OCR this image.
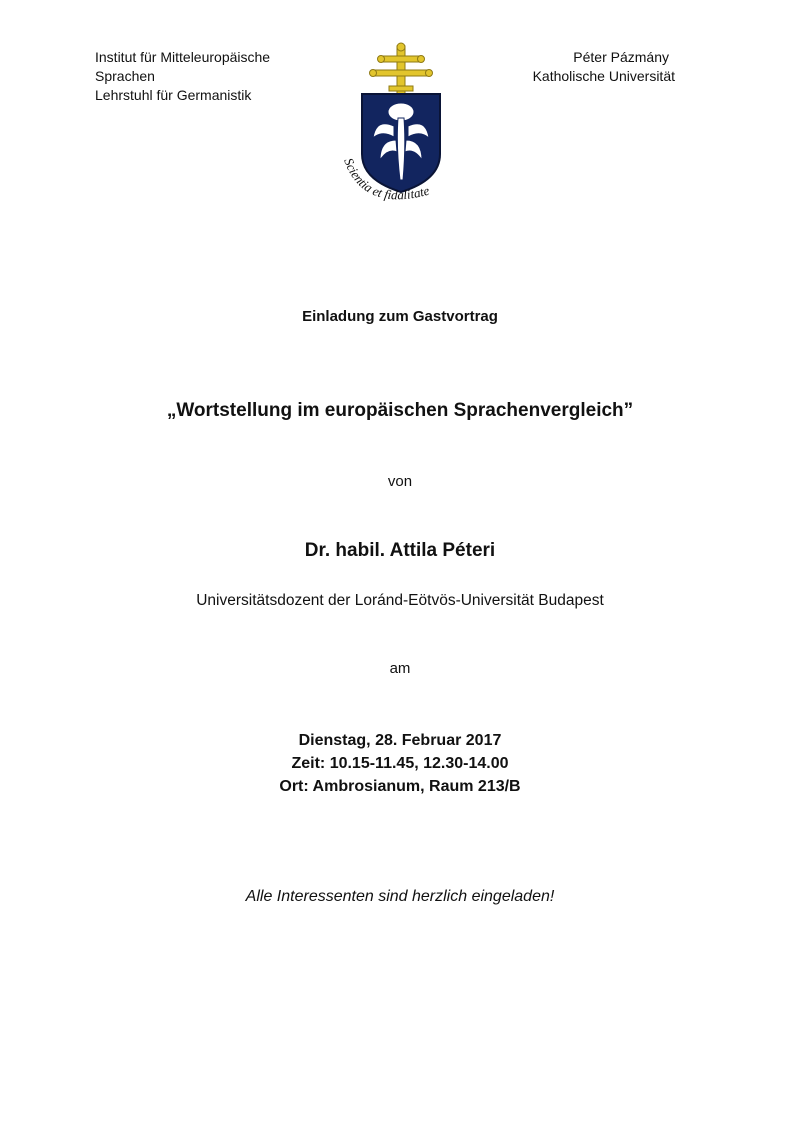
Institut für Mitteleuropäische
Sprachen
Lehrstuhl für Germanistik
Péter Pázmány
Katholische Universität
Scientia et fidalitate
Einladung zum Gastvortrag
„Wortstellung im europäischen Sprachenvergleich”
von
Dr. habil. Attila Péteri
Universitätsdozent der Loránd-Eötvös-Universität Budapest
am
Dienstag, 28. Februar 2017
Zeit: 10.15-11.45, 12.30-14.00
Ort: Ambrosianum, Raum 213/B
Alle Interessenten sind herzlich eingeladen!
